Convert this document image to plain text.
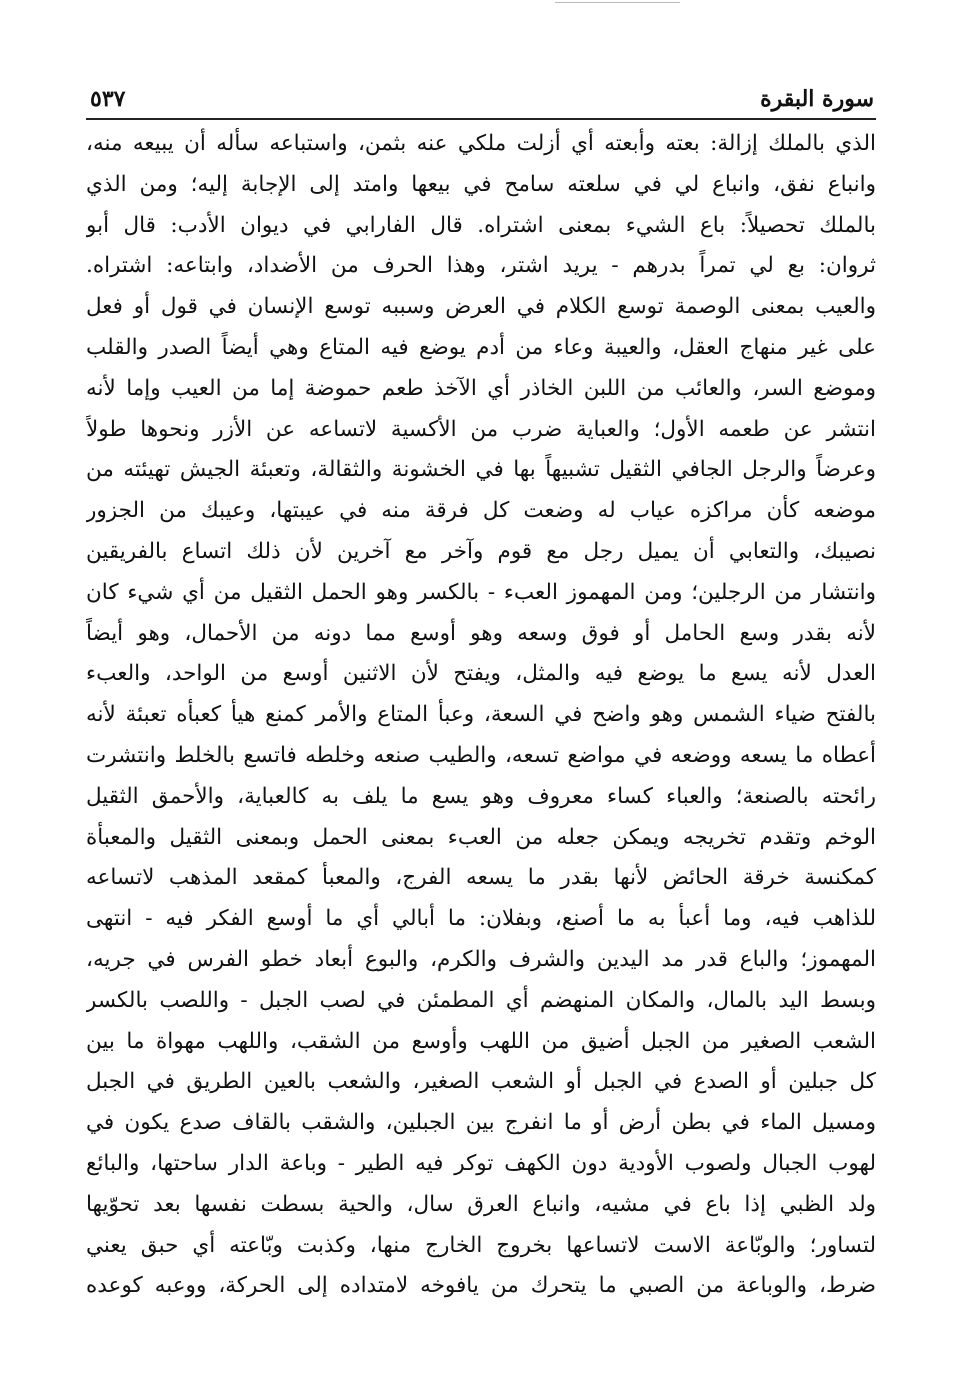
سورة البقرة
٥٣٧
الذي بالملك إزالة: بعته وأبعته أي أزلت ملكي عنه بثمن، واستباعه سأله أن يبيعه منه،
وانباع نفق، وانباع لي في سلعته سامح في بيعها وامتد إلى الإجابة إليه؛ ومن الذي
بالملك تحصيلاً: باع الشيء بمعنى اشتراه. قال الفارابي في ديوان الأدب: قال أبو
ثروان: بع لي تمراً بدرهم - يريد اشتر، وهذا الحرف من الأضداد، وابتاعه: اشتراه.
والعيب بمعنى الوصمة توسع الكلام في العرض وسببه توسع الإنسان في قول أو فعل
على غير منهاج العقل، والعيبة وعاء من أدم يوضع فيه المتاع وهي أيضاً الصدر والقلب
وموضع السر، والعائب من اللبن الخاذر أي الآخذ طعم حموضة إما من العيب وإما لأنه
انتشر عن طعمه الأول؛ والعباية ضرب من الأكسية لاتساعه عن الأزر ونحوها طولاً
وعرضاً والرجل الجافي الثقيل تشبيهاً بها في الخشونة والثقالة، وتعبئة الجيش تهيئته من
موضعه كأن مراكزه عياب له وضعت كل فرقة منه في عيبتها، وعيبك من الجزور
نصيبك، والتعابي أن يميل رجل مع قوم وآخر مع آخرين لأن ذلك اتساع بالفريقين
وانتشار من الرجلين؛ ومن المهموز العبء - بالكسر وهو الحمل الثقيل من أي شيء كان
لأنه بقدر وسع الحامل أو فوق وسعه وهو أوسع مما دونه من الأحمال، وهو أيضاً
العدل لأنه يسع ما يوضع فيه والمثل، ويفتح لأن الاثنين أوسع من الواحد، والعبء
بالفتح ضياء الشمس وهو واضح في السعة، وعبأ المتاع والأمر كمنع هيأ كعبأه تعبئة لأنه
أعطاه ما يسعه ووضعه في مواضع تسعه، والطيب صنعه وخلطه فاتسع بالخلط وانتشرت
رائحته بالصنعة؛ والعباء كساء معروف وهو يسع ما يلف به كالعباية، والأحمق الثقيل
الوخم وتقدم تخريجه ويمكن جعله من العبء بمعنى الحمل وبمعنى الثقيل والمعبأة
كمكنسة خرقة الحائض لأنها بقدر ما يسعه الفرج، والمعبأ كمقعد المذهب لاتساعه
للذاهب فيه، وما أعبأ به ما أصنع، وبفلان: ما أبالي أي ما أوسع الفكر فيه - انتهى
المهموز؛ والباع قدر مد اليدين والشرف والكرم، والبوع أبعاد خطو الفرس في جريه،
وبسط اليد بالمال، والمكان المنهضم أي المطمئن في لصب الجبل - واللصب بالكسر
الشعب الصغير من الجبل أضيق من اللهب وأوسع من الشقب، واللهب مهواة ما بين
كل جبلين أو الصدع في الجبل أو الشعب الصغير، والشعب بالعين الطريق في الجبل
ومسيل الماء في بطن أرض أو ما انفرج بين الجبلين، والشقب بالقاف صدع يكون في
لهوب الجبال ولصوب الأودية دون الكهف توكر فيه الطير - وباعة الدار ساحتها، والبائع
ولد الظبي إذا باع في مشيه، وانباع العرق سال، والحية بسطت نفسها بعد تحوّيها
لتساور؛ والوبّاعة الاست لاتساعها بخروج الخارج منها، وكذبت وبّاعته أي حبق يعني
ضرط، والوباعة من الصبي ما يتحرك من يافوخه لامتداده إلى الحركة، ووعبه كوعده
